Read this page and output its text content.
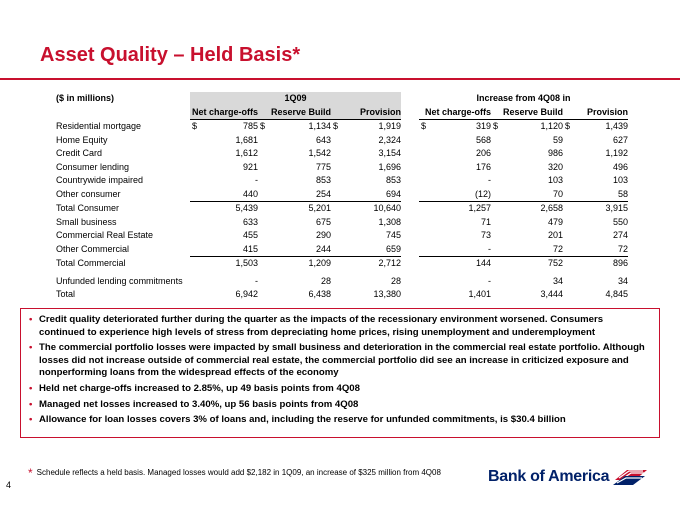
Asset Quality – Held Basis*
($ in millions)	1Q09				Increase from 4Q08 in		
	Net charge-offs	Reserve Build	Provision		Net charge-offs	Reserve Build	Provision
Residential mortgage	$ 785	$ 1,134	$ 1,919		$ 319	$ 1,120	$ 1,439
Home Equity	1,681	643	2,324		568	59	627
Credit Card	1,612	1,542	3,154		206	986	1,192
Consumer lending	921	775	1,696		176	320	496
Countrywide impaired	-	853	853		-	103	103
Other consumer	440	254	694		(12)	70	58
Total Consumer	5,439	5,201	10,640		1,257	2,658	3,915
Small business	633	675	1,308		71	479	550
Commercial Real Estate	455	290	745		73	201	274
Other Commercial	415	244	659		-	72	72
Total Commercial	1,503	1,209	2,712		144	752	896

Unfunded lending commitments	-	28	28		-	34	34
Total	6,942	6,438	13,380		1,401	3,444	4,845
• Credit quality deteriorated further during the quarter as the impacts of the recessionary environment worsened. Consumers continued to experience high levels of stress from depreciating home prices, rising unemployment and underemployment
• The commercial portfolio losses were impacted by small business and deterioration in the commercial real estate portfolio. Although losses did not increase outside of commercial real estate, the commercial portfolio did see an increase in criticized exposure and nonperforming loans from the widespread effects of the economy
• Held net charge-offs increased to 2.85%, up 49 basis points from 4Q08
• Managed net losses increased to 3.40%, up 56 basis points from 4Q08
• Allowance for loan losses covers 3% of loans and, including the reserve for unfunded commitments, is $30.4 billion
* Schedule reflects a held basis. Managed losses would add $2,182 in 1Q09, an increase of $325 million from 4Q08
4	Bank of America
